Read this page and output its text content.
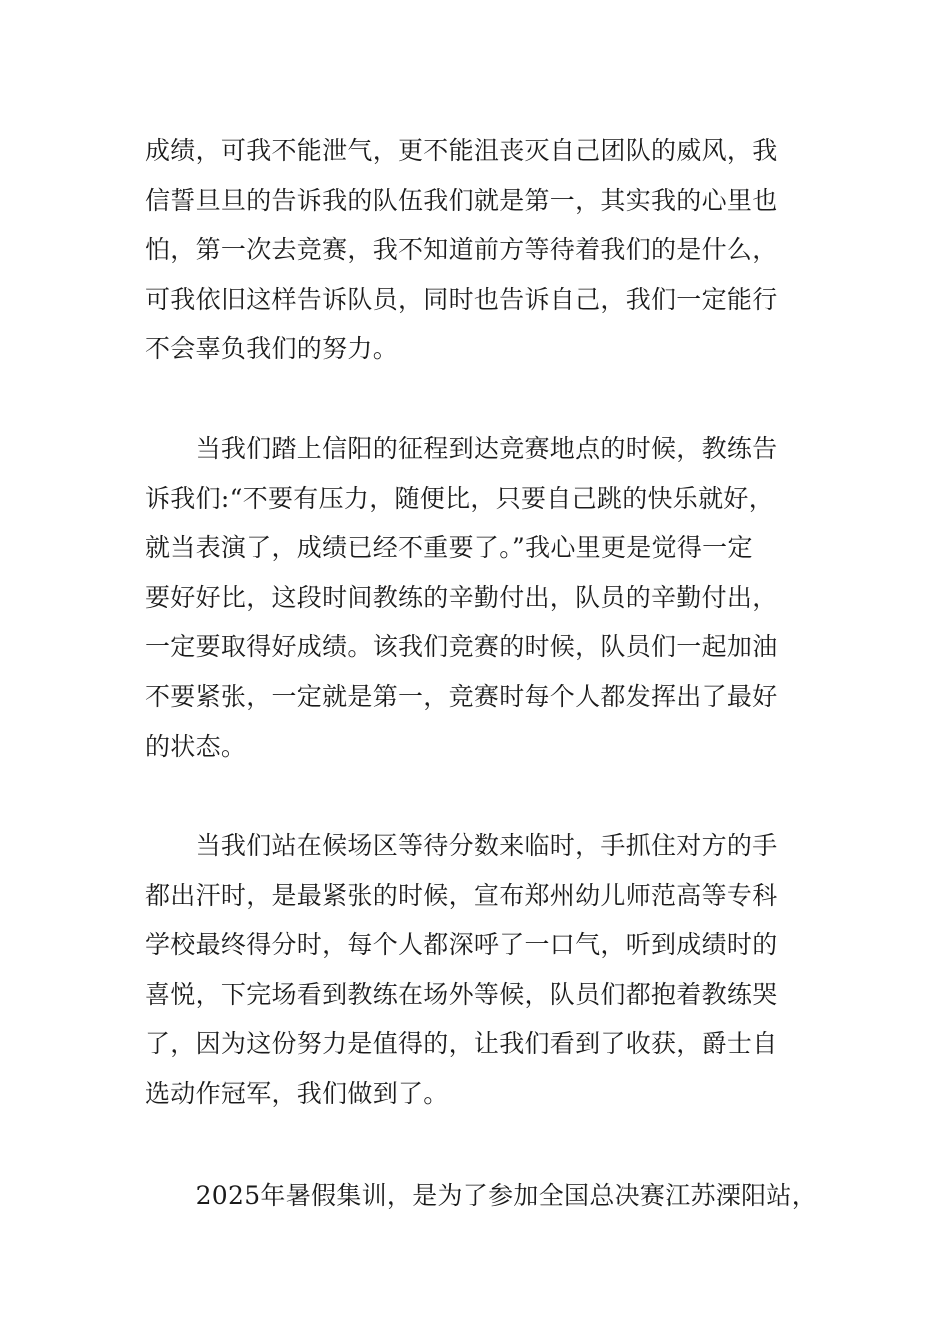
成绩，可我不能泄气，更不能沮丧灭自己团队的威风，我
信誓旦旦的告诉我的队伍我们就是第一，其实我的心里也
怕，第一次去竞赛，我不知道前方等待着我们的是什么，
可我依旧这样告诉队员，同时也告诉自己，我们一定能行
不会辜负我们的努力。
　　当我们踏上信阳的征程到达竞赛地点的时候，教练告
诉我们:“不要有压力，随便比，只要自己跳的快乐就好，
就当表演了，成绩已经不重要了。”我心里更是觉得一定
要好好比，这段时间教练的辛勤付出，队员的辛勤付出，
一定要取得好成绩。该我们竞赛的时候，队员们一起加油
不要紧张，一定就是第一，竞赛时每个人都发挥出了最好
的状态。
　　当我们站在候场区等待分数来临时，手抓住对方的手
都出汗时，是最紧张的时候，宣布郑州幼儿师范高等专科
学校最终得分时，每个人都深呼了一口气，听到成绩时的
喜悦，下完场看到教练在场外等候，队员们都抱着教练哭
了，因为这份努力是值得的，让我们看到了收获，爵士自
选动作冠军，我们做到了。
　　2025年暑假集训，是为了参加全国总决赛江苏溧阳站，
